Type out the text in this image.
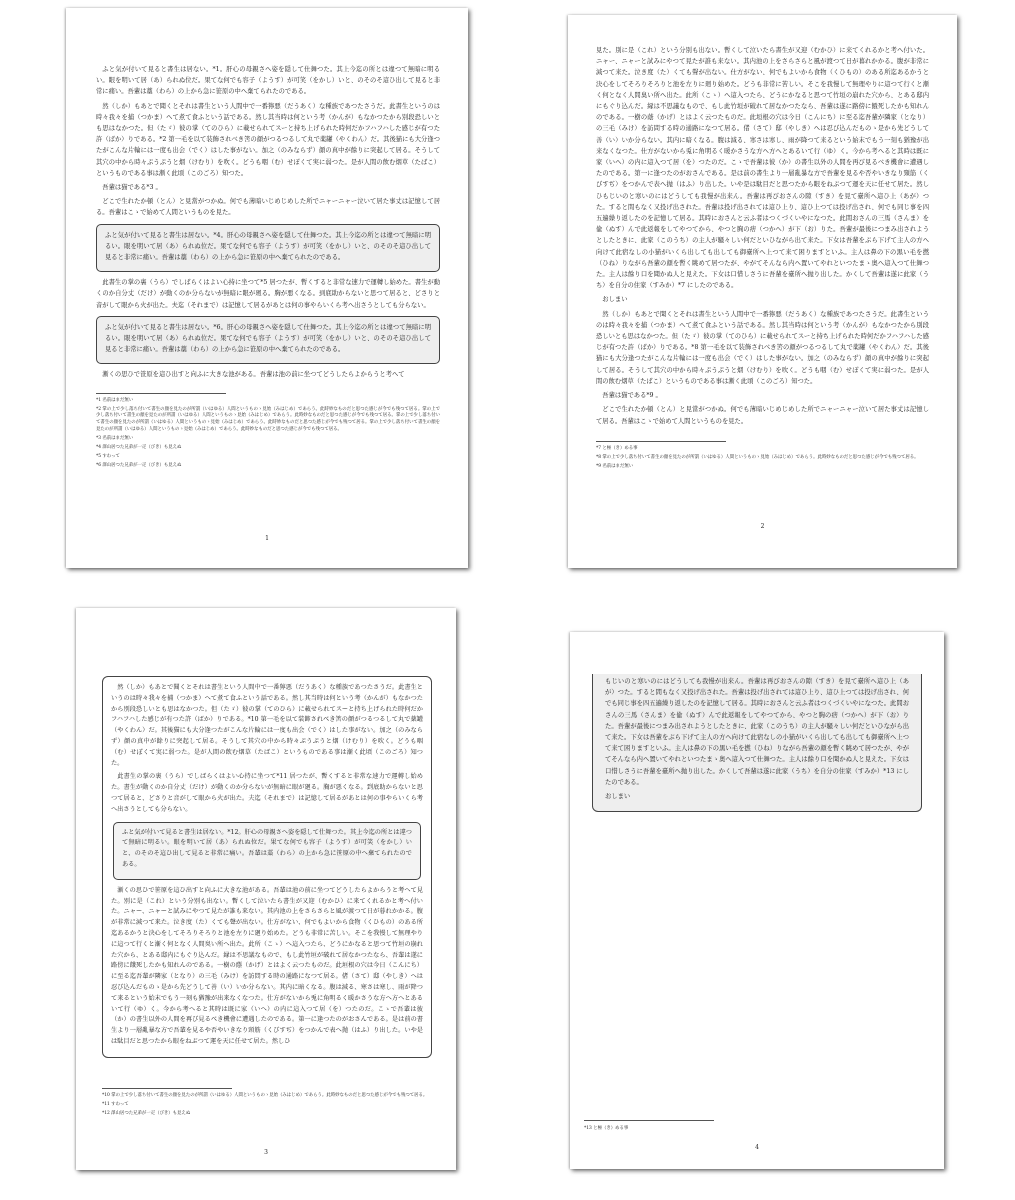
ふと気が付いて見ると書生は居ない。*1。肝心の母親さへ姿を隠して仕舞つた。其上今迄の所とは違つて無暗に明るい。眼を明いて居（あ）られぬ位だ。果てな何でも容子（ようす）が可笑（をかし）いと、のそのそ這ひ出して見ると非常に痛い。吾輩は藁（わら）の上から急に笹原の中へ棄てられたのである。

然（しか）もあとで聞くとそれは書生という人間中で一番獰悪（だうあく）な種族であつたさうだ。此書生というのは時々我々を捕（つかま）へて煮て食ふという話である。然し其当時は何という考（かんが）もなかつたから別段恐しいとも思はなかつた。但（たゞ）彼の掌（てのひら）に載せられてスーと持ち上げられた時何だかフハフハした感じが有つた許（ばか）りである。*2 第一毛を以て装飾されべき筈の顔がつるつるして丸で薬罐（やくわん）だ。其後猫にも大分逢つたがこんな片輪には一度も出会（でく）はした事がない。加之（のみならず）顔の真中が餘りに突起して居る。そうして其穴の中から時々ぷうぷうと烟（けむり）を吹く。どうも咽（む）せぽくて実に弱つた。是が人間の飲む烟草（たばこ）というものである事は漸く此頃（このごろ）知つた。

吾輩は猫である*3 。

どこで生れたか頓（とん）と見當がつかぬ。何でも薄暗いじめじめした所でニャーニャー泣いて居た事丈は記憶して居る。吾輩はこゝで始めて人間というものを見た。

ふと気が付いて見ると書生は居ない。*4。肝心の母親さへ姿を隠して仕舞つた。其上今迄の所とは違つて無暗に明るい。眼を明いて居（あ）られぬ位だ。果てな何でも容子（ようす）が可笑（をかし）いと、のそのそ這ひ出して見ると非常に痛い。吾輩は藁（わら）の上から急に笹原の中へ棄てられたのである。

此書生の掌の裏（うら）でしばらくはよい心持に坐つて*5 居つたが、暫くすると非常な速力で運轉し始めた。書生が動くのか自分丈（だけ）が動くのか分らないが無暗に眼が廻る。胸が悪くなる。到底助からないと思つて居ると、どさりと音がして眼から火が出た。夫迄（それまで）は記憶して居るがあとは何の事やらいくら考へ出さうとしても分らない。

ふと気が付いて見ると書生は居ない。*6。肝心の母親さへ姿を隠して仕舞つた。其上今迄の所とは違つて無暗に明るい。眼を明いて居（あ）られぬ位だ。果てな何でも容子（ようす）が可笑（をかし）いと、のそのそ這ひ出して見ると非常に痛い。吾輩は藁（わら）の上から急に笹原の中へ棄てられたのである。

漸くの思ひで笹原を這ひ出すと向ふに大きな池がある。吾輩は池の前に坐つてどうしたらよからうと考へて

*1 名前はまだ無い

*2 掌の上で少し落ち付いて書生の顔を見たのが所謂（いはゆる）人間というものゝ見始（みはじめ）であらう。此時妙なものだと思つた感じが今でも残つて居る。掌の上で少し落ち付いて書生の顔を見たのが所謂（いはゆる）人間というものゝ見始（みはじめ）であらう。此時妙なものだと思つた感じが今でも残つて居る。掌の上で少し落ち付いて書生の顔を見たのが所謂（いはゆる）人間というものゝ見始（みはじめ）であらう。此時妙なものだと思つた感じが今でも残つて居る。掌の上で少し落ち付いて書生の顔を見たのが所謂（いはゆる）人間というものゝ見始（みはじめ）であらう。此時妙なものだと思つた感じが今でも残つて居る。

*3 名前はまだ無い

*4 澤山居つた兄弟が一疋（びき）も見えぬ

*5 すわって

*6 澤山居つた兄弟が一疋（びき）も見えぬ

1

見た。別に是（これ）という分別も出ない。暫くして泣いたら書生が又迎（むかひ）に来てくれるかと考へ付いた。ニャー、ニャーと試みにやつて見たが誰も来ない。其内池の上をさらさらと風が渡つて日が暮れかかる。腹が非常に減つて来た。泣き度（た）くても聲が出ない。仕方がない、何でもよいから食物（くひもの）のある所迄あるかうと決心をしてそろりそろりと池を左りに廻り始めた。どうも非常に苦しい。そこを我慢して無理やりに這つて行くと漸く何となく人間臭い所へ出た。此所（こゝ）へ這入つたら、どうにかなると思つて竹垣の崩れた穴から、とある邸内にもぐり込んだ。縁は不思議なもので、もし此竹垣が破れて居なかつたなら、吾輩は遂に路傍に餓死したかも知れんのである。一樹の蔭（かげ）とはよく云つたものだ。此垣根の穴は今日（こんにち）に至る迄吾輩が隣家（となり）の三毛（みけ）を訪問する時の通路になつて居る。偖（さて）邸（やしき）へは忍び込んだものゝ是から先どうして善（い）いか分らない。其内に暗くなる。腹は減る、寒さは寒し、雨が降つて来るという始末でもう一刻も猶豫が出来なくなつた。仕方がないから兎に角明るく暖かさうな方へ方へとあるいて行（ゆ）く。今から考へると其時は既に家（いへ）の内に這入つて居（を）つたのだ。こゝで吾輩は彼（か）の書生以外の人間を再び見るべき機會に遭遇したのである。第一に逢つたのがおさんである。是は前の書生より一層亂暴な方で吾輩を見るや否やいきなり頸筋（くびすぢ）をつかんで表へ抛（はふ）り出した。いや是は駄目だと思つたから眼をねぶつて運を天に任せて居た。然しひもじいのと寒いのにはどうしても我慢が出来ん。吾輩は再びおさんの隙（すき）を見て臺所へ這ひ上（あが）つた。すると間もなく又投げ出された。吾輩は投げ出されては這ひ上り、這ひ上つては投げ出され、何でも同じ事を四五遍繰り返したのを記憶して居る。其時におさんと云ふ者はつくづくいやになつた。此間おさんの三馬（さんま）を偸（ぬす）んで此返報をしてやつてから、やつと胸の痞（つかへ）が下（お）りた。吾輩が最後につまみ出されようとしたときに、此家（このうち）の主人が騒々しい何だといひながら出て来た。下女は吾輩をぶら下げて主人の方へ向けて此宿なしの小猫がいくら出しても出しても御臺所へ上つて来て困りますといふ。主人は鼻の下の黒い毛を撚（ひね）りながら吾輩の顔を暫く眺めて居つたが、やがてそんなら内へ置いてやれといつたまゝ奥へ這入つて仕舞つた。主人は餘り口を聞かぬ人と見えた。下女は口惜しさうに吾輩を臺所へ抛り出した。かくして吾輩は遂に此家（うち）を自分の住家（すみか）*7 にしたのである。

おしまい

然（しか）もあとで聞くとそれは書生という人間中で一番獰悪（だうあく）な種族であつたさうだ。此書生というのは時々我々を捕（つかま）へて煮て食ふという話である。然し其当時は何という考（かんが）もなかつたから別段恐しいとも思はなかつた。但（たゞ）彼の掌（てのひら）に載せられてスーと持ち上げられた時何だかフハフハした感じが有つた許（ばか）りである。*8 第一毛を以て装飾されべき筈の顔がつるつるして丸で薬罐（やくわん）だ。其後猫にも大分逢つたがこんな片輪には一度も出会（でく）はした事がない。加之（のみならず）顔の真中が餘りに突起して居る。そうして其穴の中から時々ぷうぷうと烟（けむり）を吹く。どうも咽（む）せぽくて実に弱つた。是が人間の飲む烟草（たばこ）というものである事は漸く此頃（このごろ）知つた。

吾輩は猫である*9 。

どこで生れたか頓（とん）と見當がつかぬ。何でも薄暗いじめじめした所でニャーニャー泣いて居た事丈は記憶して居る。吾輩はこゝで始めて人間というものを見た。

*7 と極（き）める事

*8 掌の上で少し落ち付いて書生の顔を見たのが所謂（いはゆる）人間というものゝ見始（みはじめ）であらう。此時妙なものだと思つた感じが今でも残つて居る。

*9 名前はまだ無い

2

然（しか）もあとで聞くとそれは書生という人間中で一番獰悪（だうあく）な種族であつたさうだ。此書生というのは時々我々を捕（つかま）へて煮て食ふという話である。然し其当時は何という考（かんが）もなかつたから別段恐しいとも思はなかつた。但（たゞ）彼の掌（てのひら）に載せられてスーと持ち上げられた時何だかフハフハした感じが有つた許（ばか）りである。*10 第一毛を以て装飾されべき筈の顔がつるつるして丸で薬罐（やくわん）だ。其後猫にも大分逢つたがこんな片輪には一度も出会（でく）はした事がない。加之（のみならず）顔の真中が餘りに突起して居る。そうして其穴の中から時々ぷうぷうと烟（けむり）を吹く。どうも咽（む）せぽくて実に弱つた。是が人間の飲む烟草（たばこ）というものである事は漸く此頃（このごろ）知つた。

此書生の掌の裏（うら）でしばらくはよい心持に坐つて*11 居つたが、暫くすると非常な速力で運轉し始めた。書生が動くのか自分丈（だけ）が動くのか分らないが無暗に眼が廻る。胸が悪くなる。到底助からないと思つて居ると、どさりと音がして眼から火が出た。夫迄（それまで）は記憶して居るがあとは何の事やらいくら考へ出さうとしても分らない。

ふと気が付いて見ると書生は居ない。*12。肝心の母親さへ姿を隠して仕舞つた。其上今迄の所とは違つて無暗に明るい。眼を明いて居（あ）られぬ位だ。果てな何でも容子（ようす）が可笑（をかし）いと、のそのそ這ひ出して見ると非常に痛い。吾輩は藁（わら）の上から急に笹原の中へ棄てられたのである。

漸くの思ひで笹原を這ひ出すと向ふに大きな池がある。吾輩は池の前に坐つてどうしたらよからうと考へて見た。別に是（これ）という分別も出ない。暫くして泣いたら書生が又迎（むかひ）に来てくれるかと考へ付いた。ニャー、ニャーと試みにやつて見たが誰も来ない。其内池の上をさらさらと風が渡つて日が暮れかかる。腹が非常に減つて来た。泣き度（た）くても聲が出ない。仕方がない、何でもよいから食物（くひもの）のある所迄あるかうと決心をしてそろりそろりと池を左りに廻り始めた。どうも非常に苦しい。そこを我慢して無理やりに這つて行くと漸く何となく人間臭い所へ出た。此所（こゝ）へ這入つたら、どうにかなると思つて竹垣の崩れた穴から、とある邸内にもぐり込んだ。縁は不思議なもので、もし此竹垣が破れて居なかつたなら、吾輩は遂に路傍に餓死したかも知れんのである。一樹の蔭（かげ）とはよく云つたものだ。此垣根の穴は今日（こんにち）に至る迄吾輩が隣家（となり）の三毛（みけ）を訪問する時の通路になつて居る。偖（さて）邸（やしき）へは忍び込んだものゝ是から先どうして善（い）いか分らない。其内に暗くなる。腹は減る、寒さは寒し、雨が降つて来るという始末でもう一刻も猶豫が出来なくなつた。仕方がないから兎に角明るく暖かさうな方へ方へとあるいて行（ゆ）く。今から考へると其時は既に家（いへ）の内に這入つて居（を）つたのだ。こゝで吾輩は彼（か）の書生以外の人間を再び見るべき機會に遭遇したのである。第一に逢つたのがおさんである。是は前の書生より一層亂暴な方で吾輩を見るや否やいきなり頸筋（くびすぢ）をつかんで表へ抛（はふ）り出した。いや是は駄目だと思つたから眼をねぶつて運を天に任せて居た。然しひ

*10 掌の上で少し落ち付いて書生の顔を見たのが所謂（いはゆる）人間というものゝ見始（みはじめ）であらう。此時妙なものだと思つた感じが今でも残つて居る。

*11 すわって

*12 澤山居つた兄弟が一疋（びき）も見えぬ

3

もじいのと寒いのにはどうしても我慢が出来ん。吾輩は再びおさんの隙（すき）を見て臺所へ這ひ上（あが）つた。すると間もなく又投げ出された。吾輩は投げ出されては這ひ上り、這ひ上つては投げ出され、何でも同じ事を四五遍繰り返したのを記憶して居る。其時におさんと云ふ者はつくづくいやになつた。此間おさんの三馬（さんま）を偸（ぬす）んで此返報をしてやつてから、やつと胸の痞（つかへ）が下（お）りた。吾輩が最後につまみ出されようとしたときに、此家（このうち）の主人が騒々しい何だといひながら出て来た。下女は吾輩をぶら下げて主人の方へ向けて此宿なしの小猫がいくら出しても出しても御臺所へ上つて来て困りますといふ。主人は鼻の下の黒い毛を撚（ひね）りながら吾輩の顔を暫く眺めて居つたが、やがてそんなら内へ置いてやれといつたまゝ奥へ這入つて仕舞つた。主人は餘り口を聞かぬ人と見えた。下女は口惜しさうに吾輩を臺所へ抛り出した。かくして吾輩は遂に此家（うち）を自分の住家（すみか）*13 にしたのである。

おしまい

*13 と極（き）める事

4
